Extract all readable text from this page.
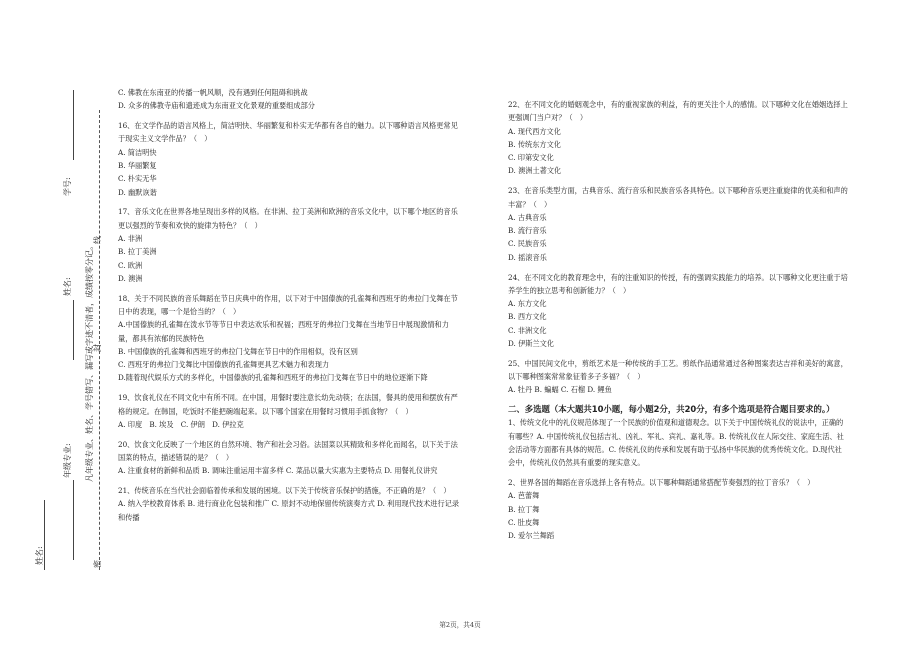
学号:
姓名:
年级专业:
姓名:
凡年级专业、姓名、学号错写、漏写或字迹不清者，成绩按零分记。
密
封
线
C. 佛教在东南亚的传播一帆风顺，没有遇到任何阻碍和挑战
D. 众多的佛教寺庙和遗迹成为东南亚文化景观的重要组成部分
16、在文学作品的语言风格上，简洁明快、华丽繁复和朴实无华都有各自的魅力。以下哪种语言风格更常见于现实主义文学作品？（　）
A. 简洁明快
B. 华丽繁复
C. 朴实无华
D. 幽默诙谐
17、音乐文化在世界各地呈现出多样的风格。在非洲、拉丁美洲和欧洲的音乐文化中，以下哪个地区的音乐更以强烈的节奏和欢快的旋律为特色？（　）
A. 非洲
B. 拉丁美洲
C. 欧洲
D. 澳洲
18、关于不同民族的音乐舞蹈在节日庆典中的作用，以下对于中国傣族的孔雀舞和西班牙的弗拉门戈舞在节日中的表现，哪一个是恰当的？（　）
A.中国傣族的孔雀舞在泼水节等节日中表达欢乐和祝福；西班牙的弗拉门戈舞在当地节日中展现激情和力量，都具有浓郁的民族特色
B. 中国傣族的孔雀舞和西班牙的弗拉门戈舞在节日中的作用相似，没有区别
C. 西班牙的弗拉门戈舞比中国傣族的孔雀舞更具艺术魅力和表现力
D.随着现代娱乐方式的多样化，中国傣族的孔雀舞和西班牙的弗拉门戈舞在节日中的地位逐渐下降
19、饮食礼仪在不同文化中有所不同。在中国，用餐时要注意长幼先动筷；在法国，餐具的使用和摆放有严格的规定。在韩国，吃饭时不能把碗端起来。以下哪个国家在用餐时习惯用手抓食物？（　）
A. 印度　B. 埃及　C. 伊朗　D. 伊拉克
20、饮食文化反映了一个地区的自然环境、物产和社会习俗。法国菜以其精致和多样化而闻名，以下关于法国菜的特点，描述错误的是？（　）
A. 注重食材的新鲜和品质 B. 调味注重运用丰富多样 C. 菜品以量大实惠为主要特点 D. 用餐礼仪讲究
21、传统音乐在当代社会面临着传承和发展的困境。以下关于传统音乐保护的措施，不正确的是？（　）
A. 纳入学校教育体系 B. 进行商业化包装和推广 C. 原封不动地保留传统演奏方式 D. 利用现代技术进行记录和传播
22、在不同文化的婚姻观念中，有的重视家族的利益，有的更关注个人的感情。以下哪种文化在婚姻选择上更强调门当户对？（　）
A. 现代西方文化
B. 传统东方文化
C. 印第安文化
D. 澳洲土著文化
23、在音乐类型方面，古典音乐、流行音乐和民族音乐各具特色。以下哪种音乐更注重旋律的优美和和声的丰富？（　）
A. 古典音乐
B. 流行音乐
C. 民族音乐
D. 摇滚音乐
24、在不同文化的教育理念中，有的注重知识的传授，有的强调实践能力的培养。以下哪种文化更注重于培养学生的独立思考和创新能力？（　）
A. 东方文化
B. 西方文化
C. 非洲文化
D. 伊斯兰文化
25、中国民间文化中，剪纸艺术是一种传统的手工艺。剪纸作品通常通过各种图案表达吉祥和美好的寓意，以下哪种图案常常象征着多子多福？（　）
A. 牡丹 B. 蝙蝠 C. 石榴 D. 鲤鱼
二、多选题（本大题共10小题，每小题2分，共20分，有多个选项是符合题目要求的。）
1、传统文化中的礼仪规范体现了一个民族的价值观和道德观念。以下关于中国传统礼仪的说法中，正确的有哪些？A. 中国传统礼仪包括吉礼、凶礼、军礼、宾礼、嘉礼等。B. 传统礼仪在人际交往、家庭生活、社会活动等方面都有具体的规范。C. 传统礼仪的传承和发展有助于弘扬中华民族的优秀传统文化。D.现代社会中，传统礼仪仍然具有重要的现实意义。
2、世界各国的舞蹈在音乐选择上各有特点。以下哪种舞蹈通常搭配节奏强烈的拉丁音乐？（　）
A. 芭蕾舞
B. 拉丁舞
C. 肚皮舞
D. 爱尔兰舞蹈
第2页，共4页
